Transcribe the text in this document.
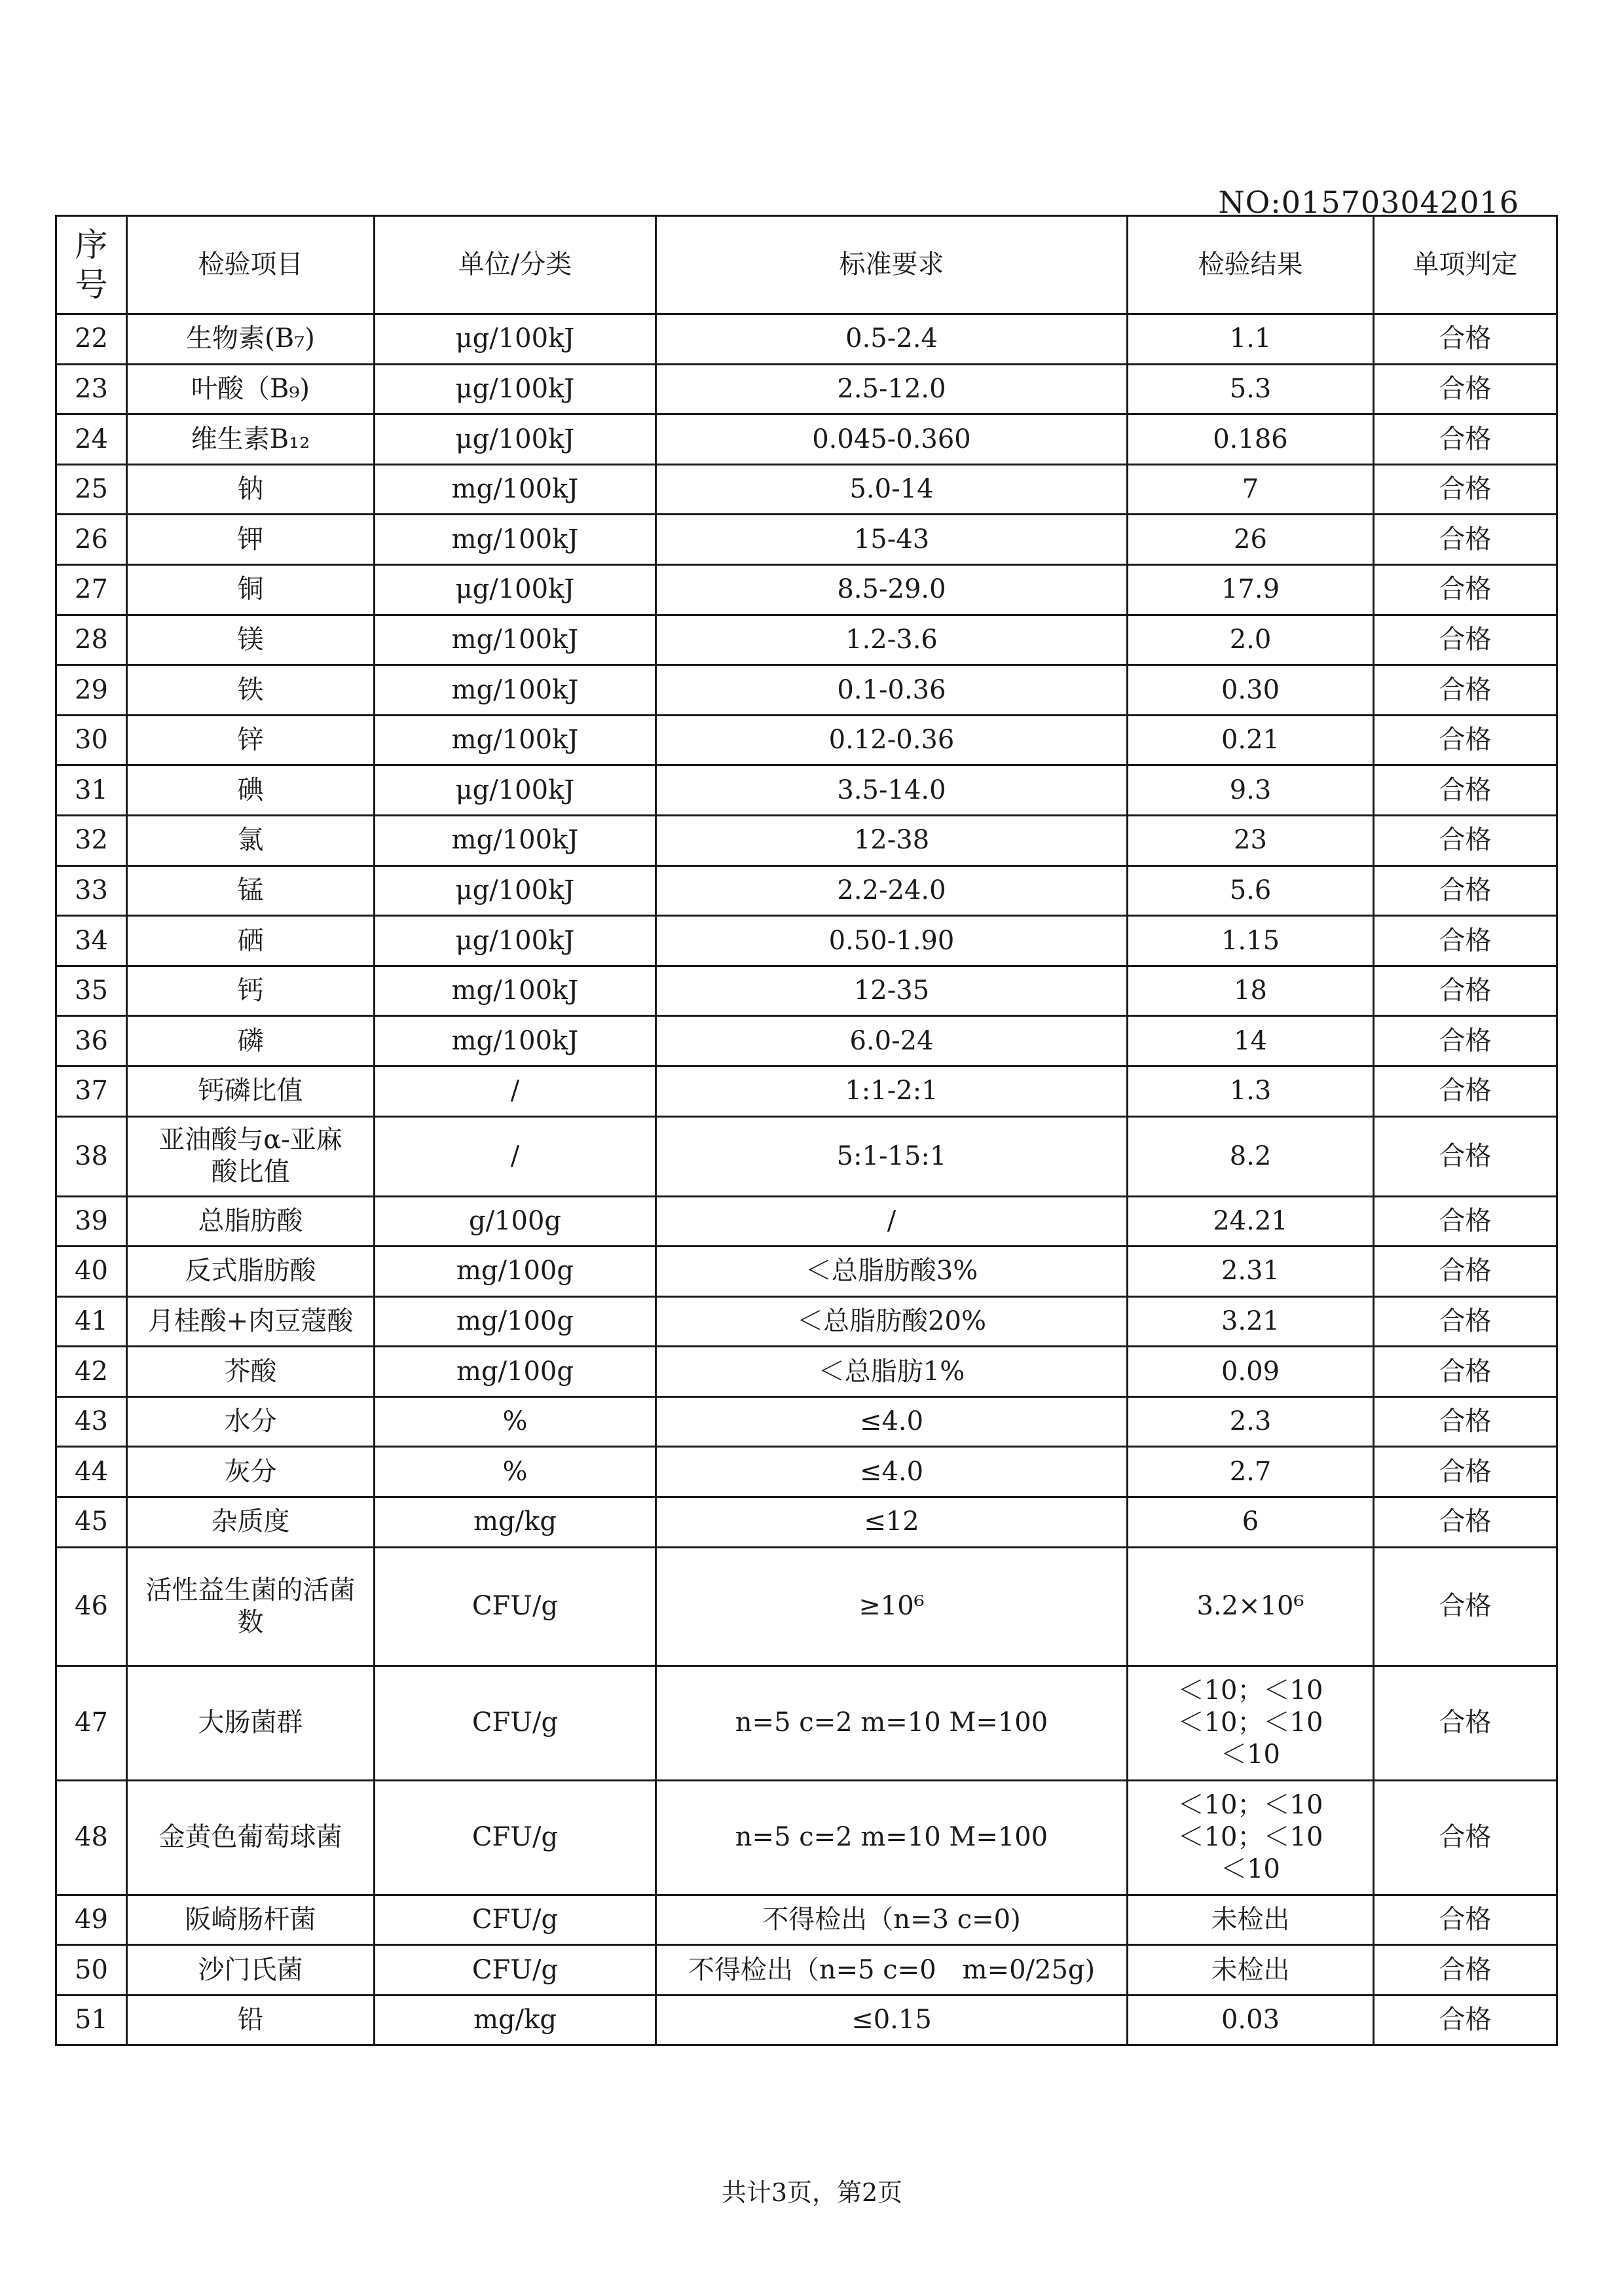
NO:015703042016
序号	检验项目	单位/分类	标准要求	检验结果	单项判定
22	生物素(B₇)	μg/100kJ	0.5-2.4	1.1	合格
23	叶酸（B₉)	μg/100kJ	2.5-12.0	5.3	合格
24	维生素B₁₂	μg/100kJ	0.045-0.360	0.186	合格
25	钠	mg/100kJ	5.0-14	7	合格
26	钾	mg/100kJ	15-43	26	合格
27	铜	μg/100kJ	8.5-29.0	17.9	合格
28	镁	mg/100kJ	1.2-3.6	2.0	合格
29	铁	mg/100kJ	0.1-0.36	0.30	合格
30	锌	mg/100kJ	0.12-0.36	0.21	合格
31	碘	μg/100kJ	3.5-14.0	9.3	合格
32	氯	mg/100kJ	12-38	23	合格
33	锰	μg/100kJ	2.2-24.0	5.6	合格
34	硒	μg/100kJ	0.50-1.90	1.15	合格
35	钙	mg/100kJ	12-35	18	合格
36	磷	mg/100kJ	6.0-24	14	合格
37	钙磷比值	/	1:1-2:1	1.3	合格
38	亚油酸与α-亚麻
酸比值	/	5:1-15:1	8.2	合格
39	总脂肪酸	g/100g	/	24.21	合格
40	反式脂肪酸	mg/100g	＜总脂肪酸3%	2.31	合格
41	月桂酸+肉豆蔻酸	mg/100g	＜总脂肪酸20%	3.21	合格
42	芥酸	mg/100g	＜总脂肪1%	0.09	合格
43	水分	%	≤4.0	2.3	合格
44	灰分	%	≤4.0	2.7	合格
45	杂质度	mg/kg	≤12	6	合格
46	活性益生菌的活菌
数	CFU/g	≥10⁶	3.2×10⁶	合格
47	大肠菌群	CFU/g	n=5 c=2 m=10 M=100	＜10；＜10
＜10；＜10
＜10	合格
48	金黄色葡萄球菌	CFU/g	n=5 c=2 m=10 M=100	＜10；＜10
＜10；＜10
＜10	合格
49	阪崎肠杆菌	CFU/g	不得检出（n=3 c=0)	未检出	合格
50	沙门氏菌	CFU/g	不得检出（n=5 c=0　m=0/25g)	未检出	合格
51	铅	mg/kg	≤0.15	0.03	合格
共计3页，第2页
